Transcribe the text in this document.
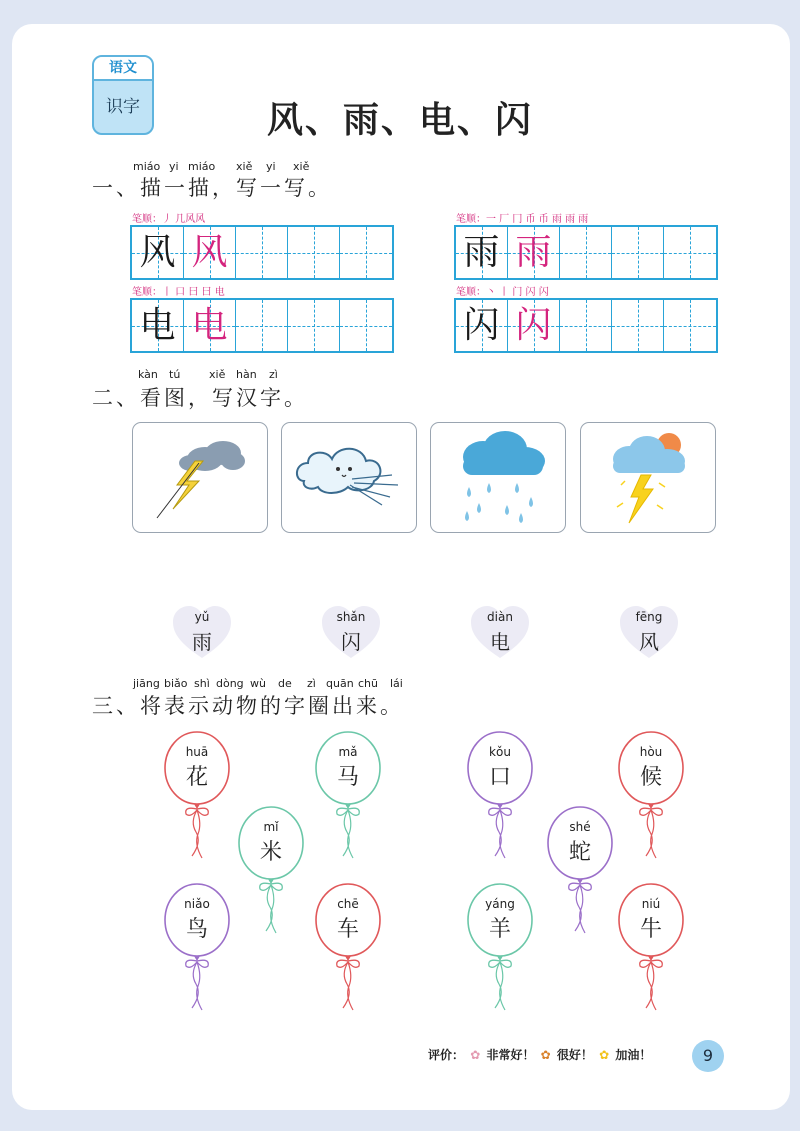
语文
识字	风、雨、电、闪
miáo yi miáo xiě yi xiě
一、描一描，写一写。
笔顺：丿 几风风
风 风
笔顺：一 厂 冂 币 币 雨 雨 雨
雨 雨
笔顺：丨 口 曰 曰 电
电 电
笔顺：丶 丨 门 闪 闪
闪 闪
kàn tú	xiě hàn zì
二、看图，写汉字。
yǔ
雨
shǎn
闪
diàn
电
fēng
风
jiāng biǎo shì dòng wù de zì quān chū lái
三、将表示动物的字圈出来。
huā
花
mǎ
马
mǐ
米
niǎo
鸟
chē
车
kǒu
口
hòu
候
shé
蛇
yáng
羊
niú
牛
评价： ✿ 非常好！ ✿ 很好！ ✿ 加油！	9
